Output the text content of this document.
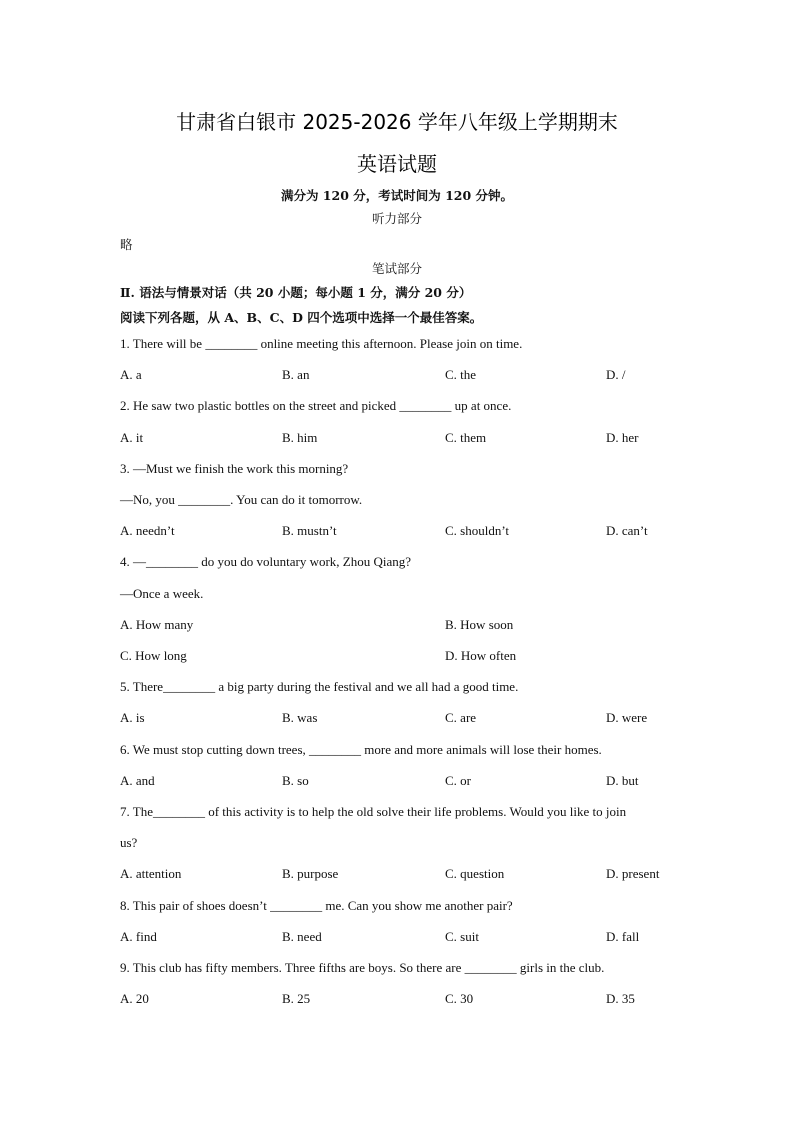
甘肃省白银市 2025-2026 学年八年级上学期期末
英语试题
满分为 120 分，考试时间为 120 分钟。
听力部分
略
笔试部分
Ⅱ. 语法与情景对话（共 20 小题；每小题 1 分，满分 20 分）
阅读下列各题，从 A、B、C、D 四个选项中选择一个最佳答案。
1. There will be ________ online meeting this afternoon. Please join on time.
A. a	B. an	C. the	D. /
2. He saw two plastic bottles on the street and picked ________ up at once.
A. it	B. him	C. them	D. her
3. —Must we finish the work this morning?
—No, you ________. You can do it tomorrow.
A. needn’t	B. mustn’t	C. shouldn’t	D. can’t
4. —________ do you do voluntary work, Zhou Qiang?
—Once a week.
A. How many	B. How soon
C. How long	D. How often
5. There________ a big party during the festival and we all had a good time.
A. is	B. was	C. are	D. were
6. We must stop cutting down trees, ________ more and more animals will lose their homes.
A. and	B. so	C. or	D. but
7. The________ of this activity is to help the old solve their life problems. Would you like to join
us?
A. attention	B. purpose	C. question	D. present
8. This pair of shoes doesn’t ________ me. Can you show me another pair?
A. find	B. need	C. suit	D. fall
9. This club has fifty members. Three fifths are boys. So there are ________ girls in the club.
A. 20	B. 25	C. 30	D. 35
